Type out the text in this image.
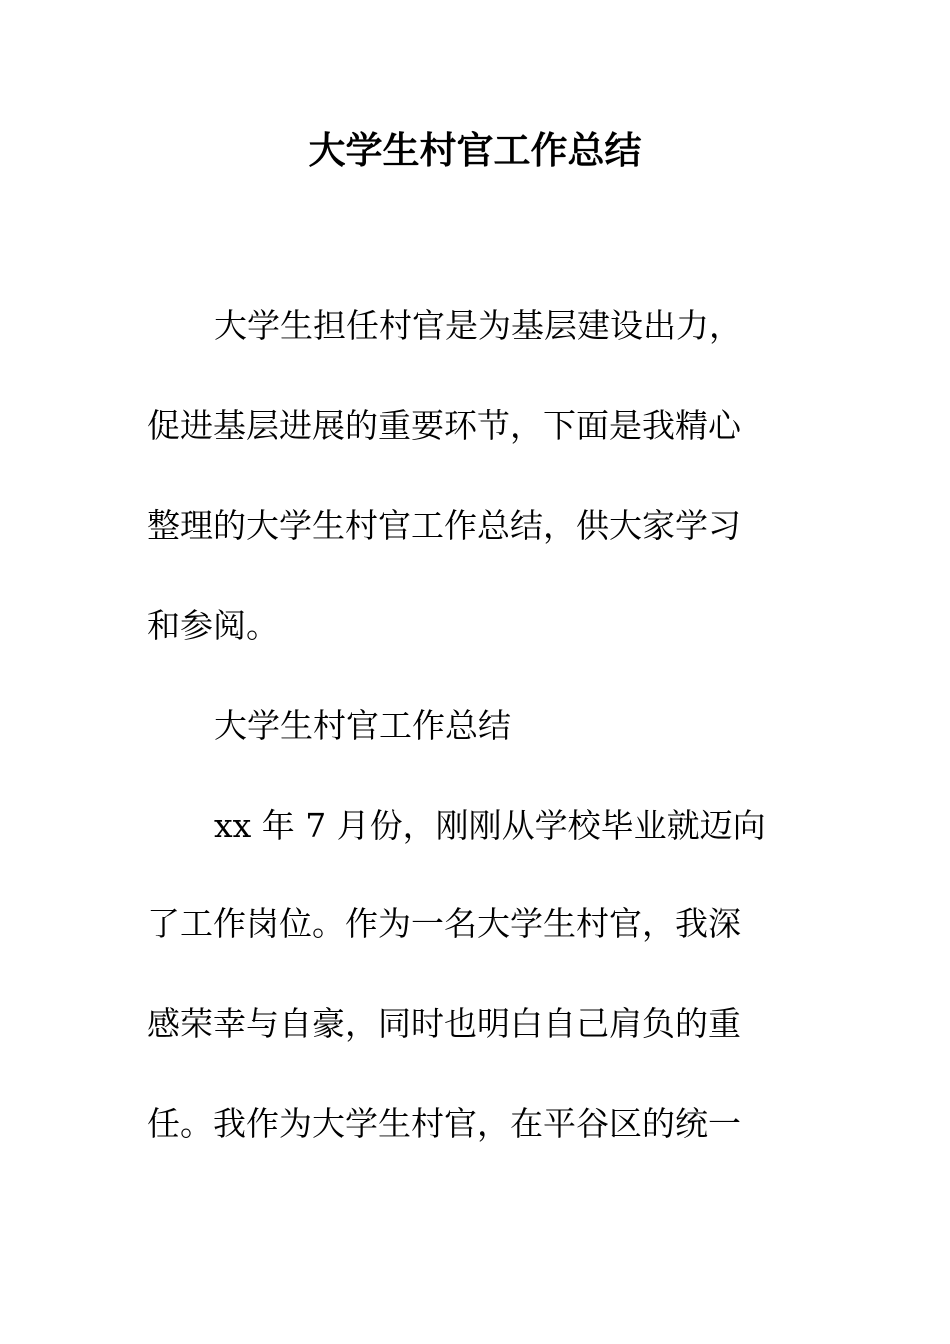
大学生村官工作总结
大学生担任村官是为基层建设出力，
促进基层进展的重要环节，下面是我精心
整理的大学生村官工作总结，供大家学习
和参阅。
大学生村官工作总结
xx 年 7 月份，刚刚从学校毕业就迈向
了工作岗位。作为一名大学生村官，我深
感荣幸与自豪，同时也明白自己肩负的重
任。我作为大学生村官，在平谷区的统一
